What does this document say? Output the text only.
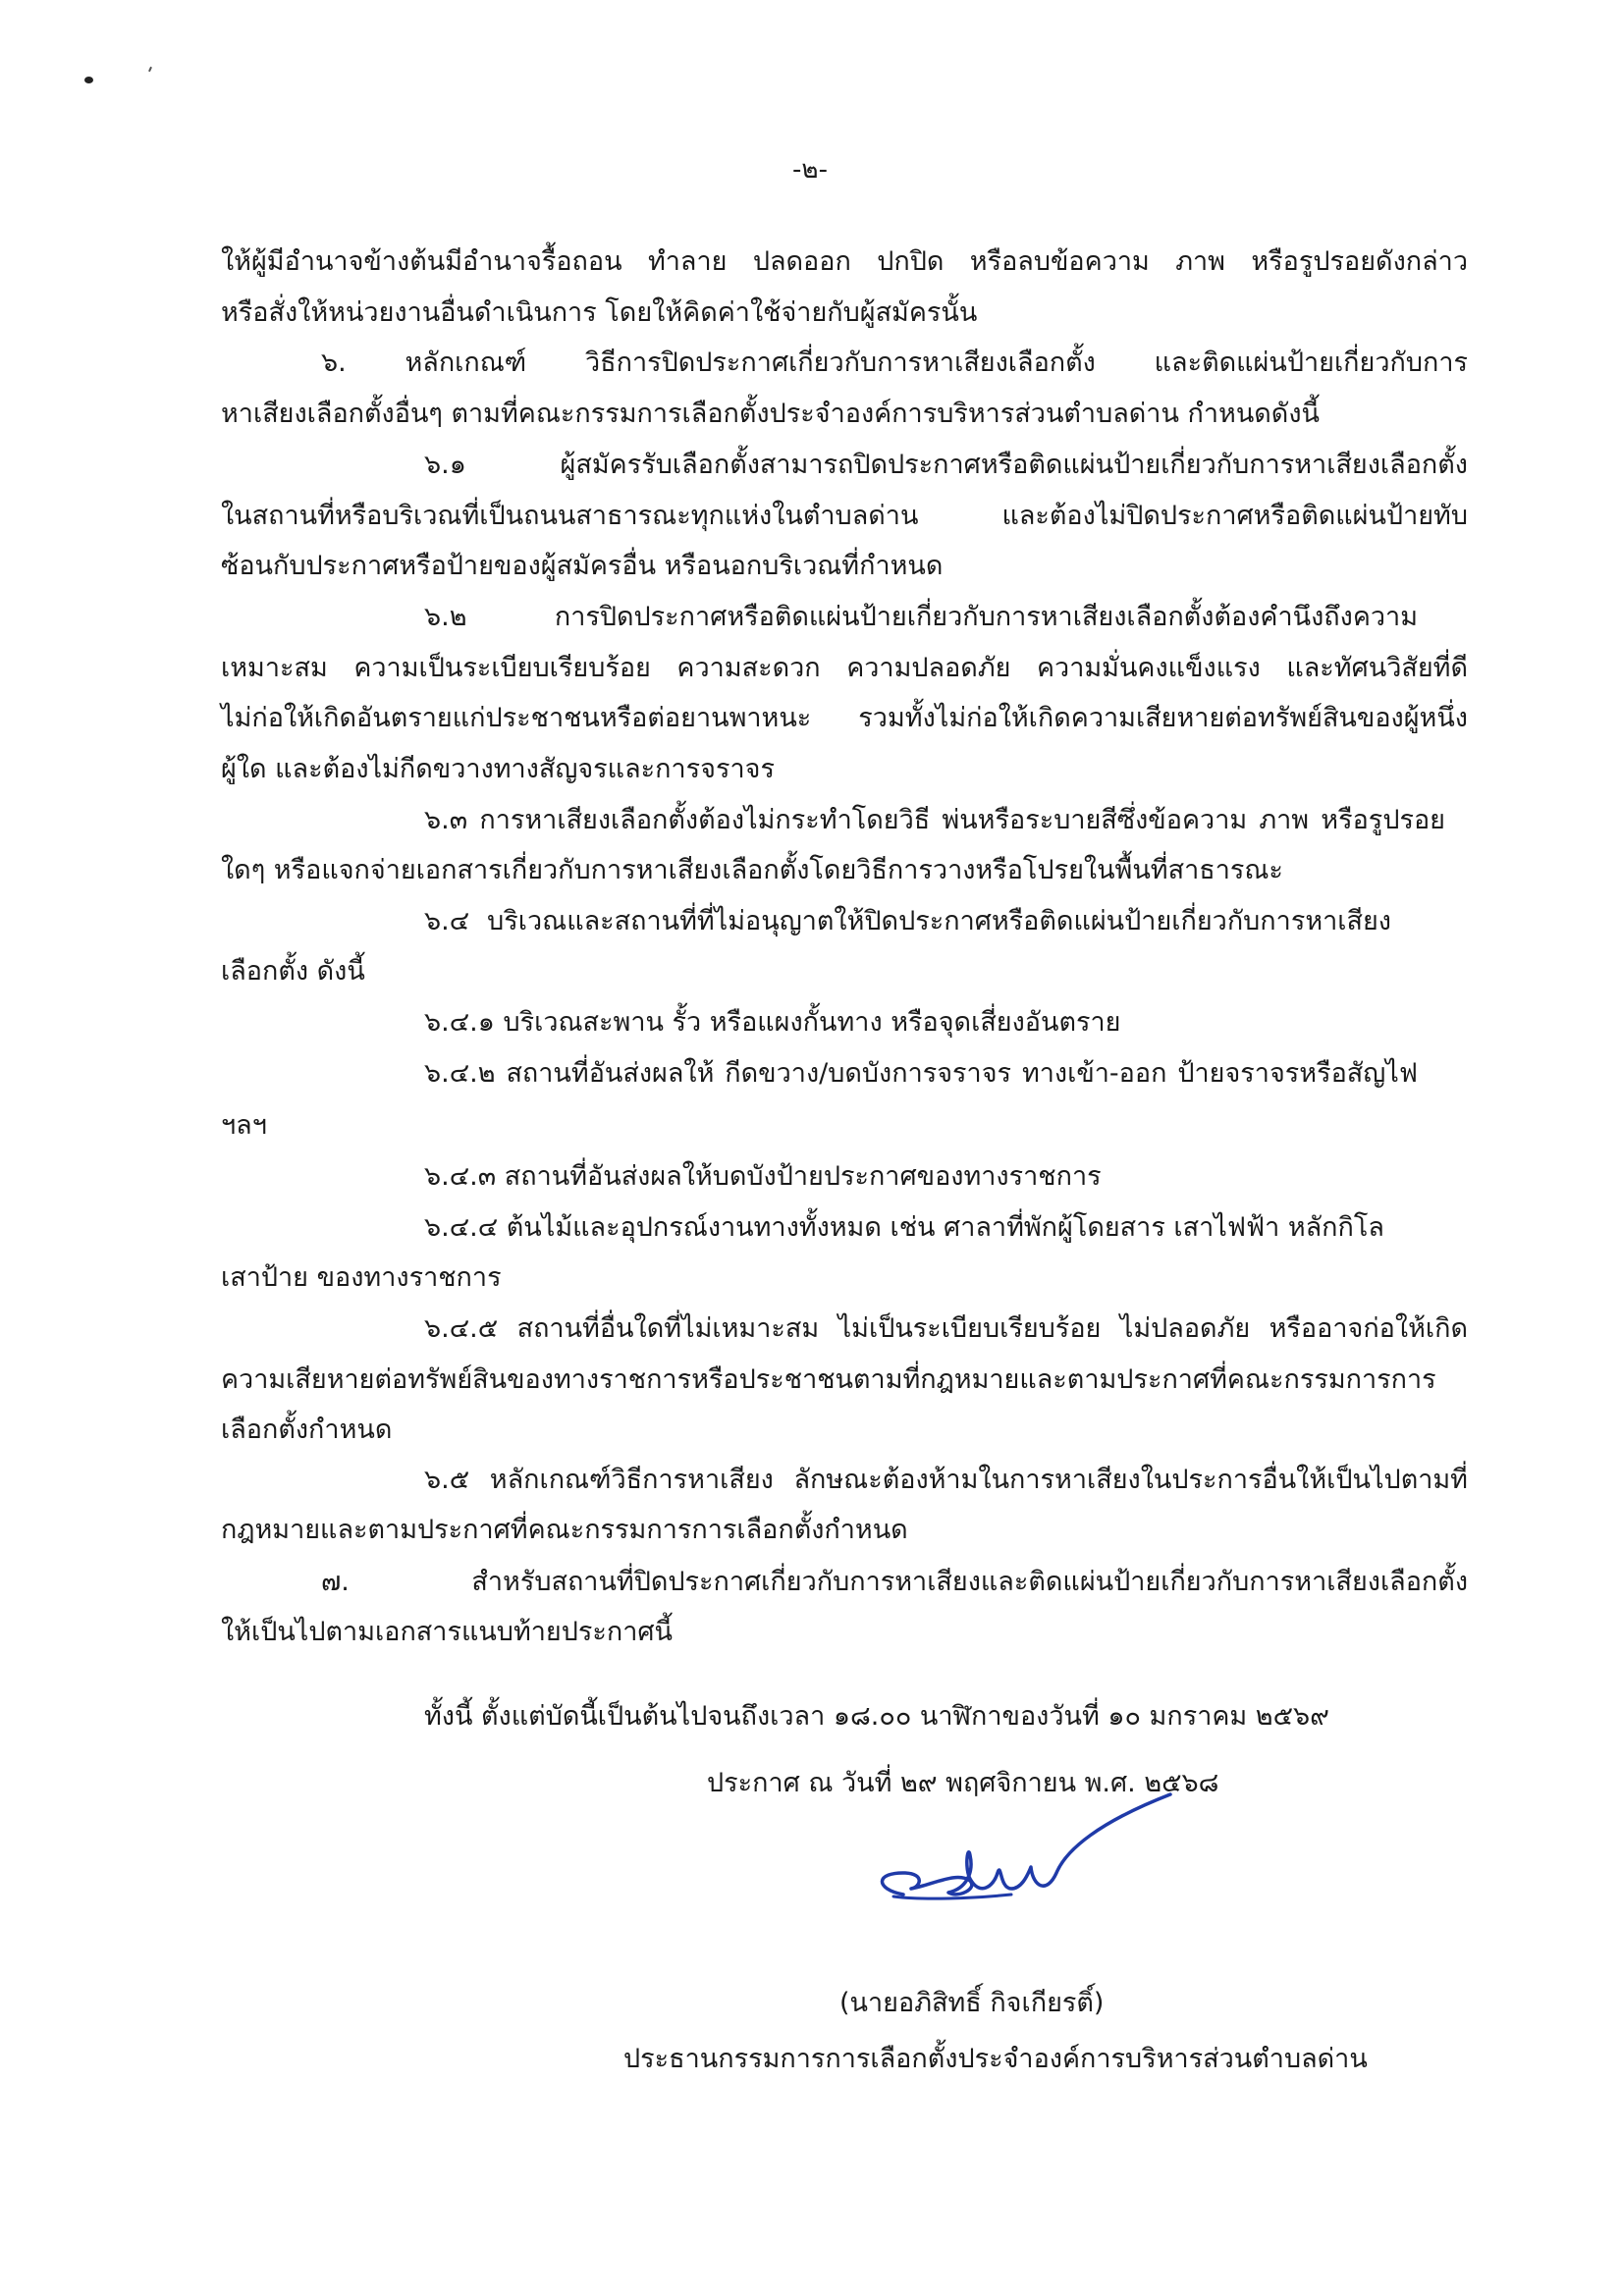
-๒-
ให้ผู้มีอำนาจข้างต้นมีอำนาจรื้อถอน ทำลาย ปลดออก ปกปิด หรือลบข้อความ ภาพ หรือรูปรอยดังกล่าว
หรือสั่งให้หน่วยงานอื่นดำเนินการ โดยให้คิดค่าใช้จ่ายกับผู้สมัครนั้น
๖. หลักเกณฑ์ วิธีการปิดประกาศเกี่ยวกับการหาเสียงเลือกตั้ง และติดแผ่นป้ายเกี่ยวกับการ
หาเสียงเลือกตั้งอื่นๆ ตามที่คณะกรรมการเลือกตั้งประจำองค์การบริหารส่วนตำบลด่าน กำหนดดังนี้
๖.๑ ผู้สมัครรับเลือกตั้งสามารถปิดประกาศหรือติดแผ่นป้ายเกี่ยวกับการหาเสียงเลือกตั้ง
ในสถานที่หรือบริเวณที่เป็นถนนสาธารณะทุกแห่งในตำบลด่าน และต้องไม่ปิดประกาศหรือติดแผ่นป้ายทับ
ซ้อนกับประกาศหรือป้ายของผู้สมัครอื่น หรือนอกบริเวณที่กำหนด
๖.๒ การปิดประกาศหรือติดแผ่นป้ายเกี่ยวกับการหาเสียงเลือกตั้งต้องคำนึงถึงความ
เหมาะสม ความเป็นระเบียบเรียบร้อย ความสะดวก ความปลอดภัย ความมั่นคงแข็งแรง และทัศนวิสัยที่ดี
ไม่ก่อให้เกิดอันตรายแก่ประชาชนหรือต่อยานพาหนะ รวมทั้งไม่ก่อให้เกิดความเสียหายต่อทรัพย์สินของผู้หนึ่ง
ผู้ใด และต้องไม่กีดขวางทางสัญจรและการจราจร
๖.๓ การหาเสียงเลือกตั้งต้องไม่กระทำโดยวิธี พ่นหรือระบายสีซึ่งข้อความ ภาพ หรือรูปรอย
ใดๆ หรือแจกจ่ายเอกสารเกี่ยวกับการหาเสียงเลือกตั้งโดยวิธีการวางหรือโปรยในพื้นที่สาธารณะ
๖.๔ บริเวณและสถานที่ที่ไม่อนุญาตให้ปิดประกาศหรือติดแผ่นป้ายเกี่ยวกับการหาเสียง
เลือกตั้ง ดังนี้
๖.๔.๑ บริเวณสะพาน รั้ว หรือแผงกั้นทาง หรือจุดเสี่ยงอันตราย
๖.๔.๒ สถานที่อันส่งผลให้ กีดขวาง/บดบังการจราจร ทางเข้า-ออก ป้ายจราจรหรือสัญไฟ
ฯลฯ
๖.๔.๓ สถานที่อันส่งผลให้บดบังป้ายประกาศของทางราชการ
๖.๔.๔ ต้นไม้และอุปกรณ์งานทางทั้งหมด เช่น ศาลาที่พักผู้โดยสาร เสาไฟฟ้า หลักกิโล
เสาป้าย ของทางราชการ
๖.๔.๕ สถานที่อื่นใดที่ไม่เหมาะสม ไม่เป็นระเบียบเรียบร้อย ไม่ปลอดภัย หรืออาจก่อให้เกิด
ความเสียหายต่อทรัพย์สินของทางราชการหรือประชาชนตามที่กฎหมายและตามประกาศที่คณะกรรมการการ
เลือกตั้งกำหนด
๖.๕ หลักเกณฑ์วิธีการหาเสียง ลักษณะต้องห้ามในการหาเสียงในประการอื่นให้เป็นไปตามที่
กฎหมายและตามประกาศที่คณะกรรมการการเลือกตั้งกำหนด
๗. สำหรับสถานที่ปิดประกาศเกี่ยวกับการหาเสียงและติดแผ่นป้ายเกี่ยวกับการหาเสียงเลือกตั้ง
ให้เป็นไปตามเอกสารแนบท้ายประกาศนี้
ทั้งนี้ ตั้งแต่บัดนี้เป็นต้นไปจนถึงเวลา ๑๘.๐๐ นาฬิกาของวันที่ ๑๐ มกราคม ๒๕๖๙
ประกาศ ณ วันที่ ๒๙ พฤศจิกายน พ.ศ. ๒๕๖๘
(นายอภิสิทธิ์ กิจเกียรติ์)
ประธานกรรมการการเลือกตั้งประจำองค์การบริหารส่วนตำบลด่าน
